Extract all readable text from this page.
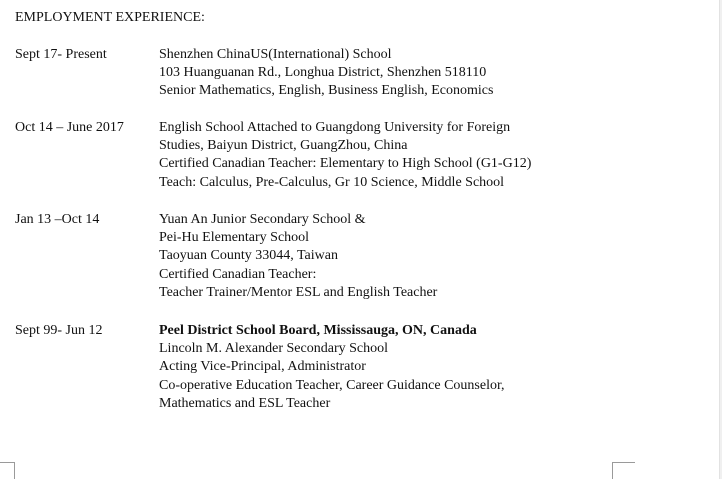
EMPLOYMENT EXPERIENCE:
Sept 17- Present	Shenzhen ChinaUS(International) School
103 Huanguanan Rd., Longhua District, Shenzhen 518110
Senior Mathematics, English, Business English, Economics
Oct 14 – June 2017	English School Attached to Guangdong University for Foreign
Studies, Baiyun District, GuangZhou, China
Certified Canadian Teacher: Elementary to High School (G1-G12)
Teach: Calculus, Pre-Calculus, Gr 10 Science, Middle School
Jan 13 –Oct 14	Yuan An Junior Secondary School &
Pei-Hu Elementary School
Taoyuan County 33044, Taiwan
Certified Canadian Teacher:
Teacher Trainer/Mentor ESL and English Teacher
Sept 99- Jun 12	Peel District School Board, Mississauga, ON, Canada
Lincoln M. Alexander Secondary School
Acting Vice-Principal, Administrator
Co-operative Education Teacher, Career Guidance Counselor,
Mathematics and ESL Teacher
